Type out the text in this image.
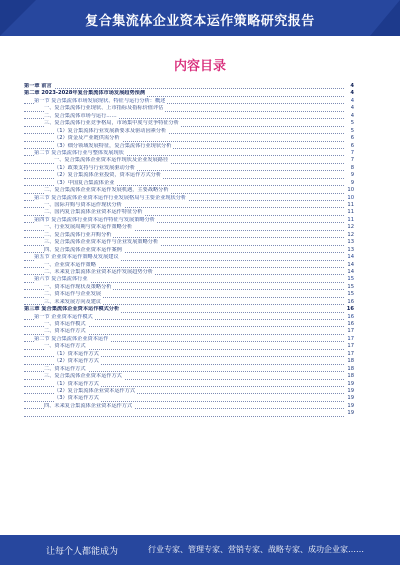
复合集流体企业资本运作策略研究报告
内容目录
第一章 前言	4
第二章 2023-2028年复合集流体市场发展趋势预测	4
第一节 复合集流体市场发展现状、特征与运行分析：概述	4
一、复合集流体行业现状、上市指标及指标价值评估	4
二、复合集流体市场与运行……	4
三、复合集流体行业竞争格局，市场集中度与竞争特征分析	5
（1）复合集流体行业发展新要求及驱动因素分析	5
（2）资金及产业链供需分析	6
（3）细分领域发展特征，复合集流体行业现状分析	6
第二节 复合集流体行业与整体发展现状	7
一、复合集流体企业资本运作现状及企业发展路径	7
（1）政策支持与行业发展驱动分析	8
（2）复合集流体企业投资，资本运作方式分析	9
（3）中国复合集流体企业	9
二、复合集流体企业资本运作发展机遇，主要战略分析	10
第三节 复合集流体企业资本运作行业发展格局与主要企业现状分析	10
一、国际并购与资本运作现状分析	11
二、国内复合集流体企业资本运作特征分析	11
第四节 复合集流体行业资本运作特征与发展策略分析	11
一、行业发展周期与资本运作策略分析	12
二、复合集流体行业并购分析	12
三、复合集流体企业资本运作与企业发展策略分析	13
四、复合集流体企业资本运作案例	13
第五节 企业资本运作策略及发展建议	14
一、企业资本运作策略	14
二、未来复合集流体企业资本运作发展趋势分析	14
第六节 复合集流体行业	15
一、资本运作现状及策略分析	15
二、资本运作与企业发展	15
三、未来发展方向及建议	16
第三章 复合集流体企业资本运作模式分析	16
第一节 企业资本运作模式	16
一、资本运作模式	16
二、资本运作方式	17
第二节 复合集流体企业资本运作	17
一、资本运作方式	17
（1）资本运作方式	17
（2）资本运作方式	18
二、资本运作方式	18
三、复合集流体企业资本运作方式	18
（1）资本运作方式	19
（2）复合集流体企业资本运作方式	19
（3）资本运作方式	19
四、未来复合集流体企业资本运作方式	19
19
让每个人都能成为	行业专家、管理专家、营销专家、战略专家、成功企业家……
